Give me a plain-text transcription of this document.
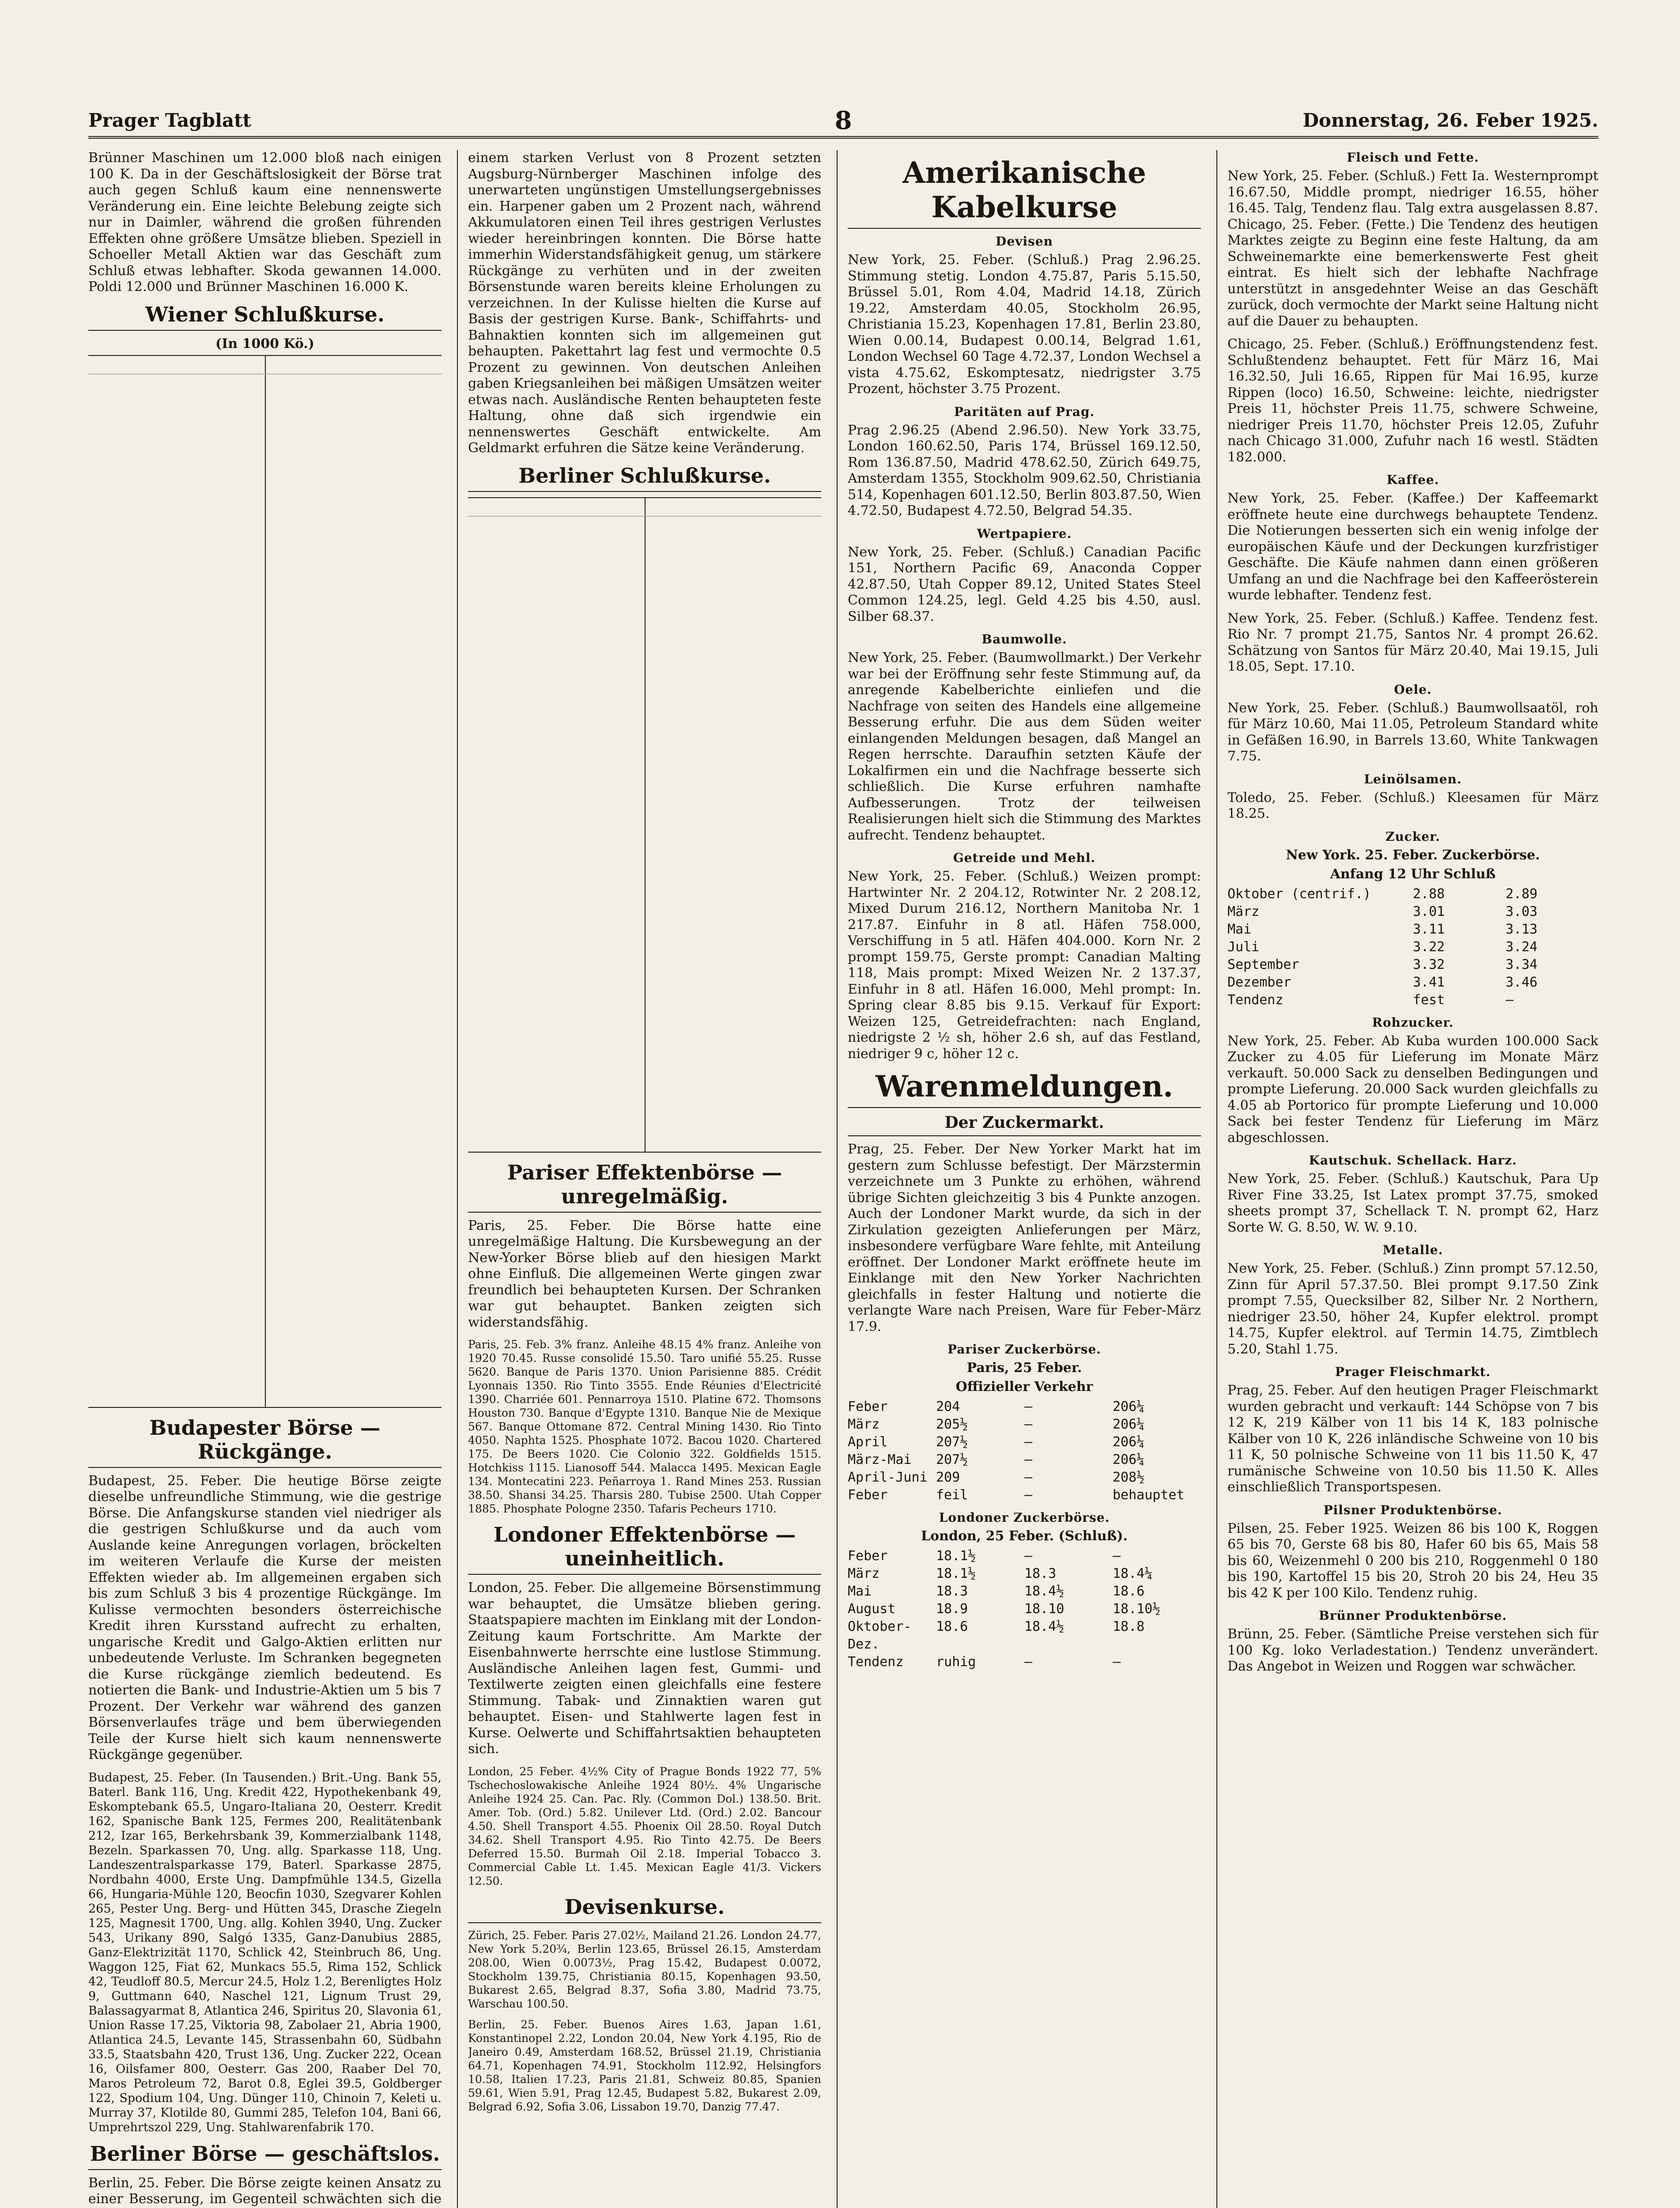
Prager Tagblatt	8	Donnerstag, 26. Feber 1925.

Brünner Maschinen um 12.000 bloß nach einigen 100 K. Da in der Geschäftslosigkeit der Börse trat auch gegen Schluß kaum eine nennenswerte Veränderung ein. Eine leichte Belebung zeigte sich nur in Daimler, während die großen führenden Effekten ohne größere Umsätze blieben. Speziell in Schoeller Metall Aktien war das Geschäft zum Schluß etwas lebhafter. Skoda gewannen 14.000. Poldi 12.000 und Brünner Maschinen 16.000 K.

Wiener Schlußkurse.
(In 1000 Kö.)
Budapester Börse — Rückgänge.

Budapest, 25. Feber. Die heutige Börse zeigte dieselbe unfreundliche Stimmung, wie die gestrige Börse. Die Anfangskurse standen viel niedriger als die gestrigen Schlußkurse und da auch vom Auslande keine Anregungen vorlagen, bröckelten im weiteren Verlaufe die Kurse der meisten Effekten wieder ab. Im allgemeinen ergaben sich bis zum Schluß 3 bis 4 prozentige Rückgänge. Im Kulisse vermochten besonders österreichische Kredit ihren Kursstand aufrecht zu erhalten, ungarische Kredit und Galgo-Aktien erlitten nur unbedeutende Verluste. Im Schranken begegneten die Kurse rückgänge ziemlich bedeutend. Es notierten die Bank- und Industrie-Aktien um 5 bis 7 Prozent. Der Verkehr war während des ganzen Börsenverlaufes träge und bem überwiegenden Teile der Kurse hielt sich kaum nennenswerte Rückgänge gegenüber.

Budapest, 25. Feber. (In Tausenden.) Brit.-Ung. Bank 55, Baterl. Bank 116, Ung. Kredit 422, Hypothekenbank 49, Eskomptebank 65.5, Ungaro-Italiana 20, Oesterr. Kredit 162, Spanische Bank 125, Fermes 200, Realitätenbank 212, Izar 165, Berkehrsbank 39, Kommerzialbank 1148, Bezeln. Sparkassen 70, Ung. allg. Sparkasse 118, Ung. Landeszentralsparkasse 179, Baterl. Sparkasse 2875, Nordbahn 4000, Erste Ung. Dampfmühle 134.5, Gizella 66, Hungaria-Mühle 120, Beocfin 1030, Szegvarer Kohlen 265, Pester Ung. Berg- und Hütten 345, Drasche Ziegeln 125, Magnesit 1700, Ung. allg. Kohlen 3940, Ung. Zucker 543, Urikany 890, Salgó 1335, Ganz-Danubius 2885, Ganz-Elektrizität 1170, Schlick 42, Steinbruch 86, Ung. Waggon 125, Fiat 62, Munkacs 55.5, Rima 152, Schlick 42, Teudloff 80.5, Mercur 24.5, Holz 1.2, Berenligtes Holz 9, Guttmann 640, Naschel 121, Lignum Trust 29, Balassagyarmat 8, Atlantica 246, Spiritus 20, Slavonia 61, Union Rasse 17.25, Viktoria 98, Zabolaer 21, Abria 1900, Atlantica 24.5, Levante 145, Strassenbahn 60, Südbahn 33.5, Staatsbahn 420, Trust 136, Ung. Zucker 222, Ocean 16, Oilsfamer 800, Oesterr. Gas 200, Raaber Del 70, Maros Petroleum 72, Barot 0.8, Eglei 39.5, Goldberger 122, Spodium 104, Ung. Dünger 110, Chinoin 7, Keleti u. Murray 37, Klotilde 80, Gummi 285, Telefon 104, Bani 66, Umprehrtszol 229, Ung. Stahlwarenfabrik 170.

Berliner Börse — geschäftslos.

Berlin, 25. Feber. Die Börse zeigte keinen Ansatz zu einer Besserung, im Gegenteil schwächten sich die

einem starken Verlust von 8 Prozent setzten Augsburg-Nürnberger Maschinen infolge des unerwarteten ungünstigen Umstellungsergebnisses ein. Harpener gaben um 2 Prozent nach, während Akkumulatoren einen Teil ihres gestrigen Verlustes wieder hereinbringen konnten. Die Börse hatte immerhin Widerstandsfähigkeit genug, um stärkere Rückgänge zu verhüten und in der zweiten Börsenstunde waren bereits kleine Erholungen zu verzeichnen. In der Kulisse hielten die Kurse auf Basis der gestrigen Kurse. Bank-, Schiffahrts- und Bahnaktien konnten sich im allgemeinen gut behaupten. Pakettahrt lag fest und vermochte 0.5 Prozent zu gewinnen. Von deutschen Anleihen gaben Kriegsanleihen bei mäßigen Umsätzen weiter etwas nach. Ausländische Renten behaupteten feste Haltung, ohne daß sich irgendwie ein nennenswertes Geschäft entwickelte. Am Geldmarkt erfuhren die Sätze keine Veränderung.

Berliner Schlußkurse.
Pariser Effektenbörse — unregelmäßig.

Paris, 25. Feber. Die Börse hatte eine unregelmäßige Haltung. Die Kursbewegung an der New-Yorker Börse blieb auf den hiesigen Markt ohne Einfluß. Die allgemeinen Werte gingen zwar freundlich bei behaupteten Kursen. Der Schranken war gut behauptet. Banken zeigten sich widerstandsfähig.

Paris, 25. Feb. 3% franz. Anleihe 48.15 4% franz. Anleihe von 1920 70.45. Russe consolidé 15.50. Taro unifié 55.25. Russe 5620. Banque de Paris 1370. Union Parisienne 885. Crédit Lyonnais 1350. Rio Tinto 3555. Ende Réunies d'Electricité 1390. Charriée 601. Pennarroya 1510. Platine 672. Thomsons Houston 730. Banque d'Egypte 1310. Banque Nie de Mexique 567. Banque Ottomane 872. Central Mining 1430. Rio Tinto 4050. Naphta 1525. Phosphate 1072. Bacou 1020. Chartered 175. De Beers 1020. Cie Colonio 322. Goldfields 1515. Hotchkiss 1115. Lianosoff 544. Malacca 1495. Mexican Eagle 134. Montecatini 223. Peñarroya 1. Rand Mines 253. Russian 38.50. Shansi 34.25. Tharsis 280. Tubise 2500. Utah Copper 1885. Phosphate Pologne 2350. Tafaris Pecheurs 1710.

Londoner Effektenbörse — uneinheitlich.

London, 25. Feber. Die allgemeine Börsenstimmung war behauptet, die Umsätze blieben gering. Staatspapiere machten im Einklang mit der London-Zeitung kaum Fortschritte. Am Markte der Eisenbahnwerte herrschte eine lustlose Stimmung. Ausländische Anleihen lagen fest, Gummi- und Textilwerte zeigten einen gleichfalls eine festere Stimmung. Tabak- und Zinnaktien waren gut behauptet. Eisen- und Stahlwerte lagen fest in Kurse. Oelwerte und Schiffahrtsaktien behaupteten sich.

London, 25 Feber. 4½% City of Prague Bonds 1922 77, 5% Tschechoslowakische Anleihe 1924 80½. 4% Ungarische Anleihe 1924 25. Can. Pac. Rly. (Common Dol.) 138.50. Brit. Amer. Tob. (Ord.) 5.82. Unilever Ltd. (Ord.) 2.02. Bancour 4.50. Shell Transport 4.55. Phoenix Oil 28.50. Royal Dutch 34.62. Shell Transport 4.95. Rio Tinto 42.75. De Beers Deferred 15.50. Burmah Oil 2.18. Imperial Tobacco 3. Commercial Cable Lt. 1.45. Mexican Eagle 41/3. Vickers 12.50.

Devisenkurse.

Zürich, 25. Feber. Paris 27.02½, Mailand 21.26. London 24.77, New York 5.20¾, Berlin 123.65, Brüssel 26.15, Amsterdam 208.00, Wien 0.0073½, Prag 15.42, Budapest 0.0072, Stockholm 139.75, Christiania 80.15, Kopenhagen 93.50, Bukarest 2.65, Belgrad 8.37, Sofia 3.80, Madrid 73.75, Warschau 100.50.

Berlin, 25. Feber. Buenos Aires 1.63, Japan 1.61, Konstantinopel 2.22, London 20.04, New York 4.195, Rio de Janeiro 0.49, Amsterdam 168.52, Brüssel 21.19, Christiania 64.71, Kopenhagen 74.91, Stockholm 112.92, Helsingfors 10.58, Italien 17.23, Paris 21.81, Schweiz 80.85, Spanien 59.61, Wien 5.91, Prag 12.45, Budapest 5.82, Bukarest 2.09, Belgrad 6.92, Sofia 3.06, Lissabon 19.70, Danzig 77.47.

Amerikanische Kabelkurse
Devisen

New York, 25. Feber. (Schluß.) Prag 2.96.25. Stimmung stetig. London 4.75.87, Paris 5.15.50, Brüssel 5.01, Rom 4.04, Madrid 14.18, Zürich 19.22, Amsterdam 40.05, Stockholm 26.95, Christiania 15.23, Kopenhagen 17.81, Berlin 23.80, Wien 0.00.14, Budapest 0.00.14, Belgrad 1.61, London Wechsel 60 Tage 4.72.37, London Wechsel a vista 4.75.62, Eskomptesatz, niedrigster 3.75 Prozent, höchster 3.75 Prozent.

Paritäten auf Prag.

Prag 2.96.25 (Abend 2.96.50). New York 33.75, London 160.62.50, Paris 174, Brüssel 169.12.50, Rom 136.87.50, Madrid 478.62.50, Zürich 649.75, Amsterdam 1355, Stockholm 909.62.50, Christiania 514, Kopenhagen 601.12.50, Berlin 803.87.50, Wien 4.72.50, Budapest 4.72.50, Belgrad 54.35.

Wertpapiere.

New York, 25. Feber. (Schluß.) Canadian Pacific 151, Northern Pacific 69, Anaconda Copper 42.87.50, Utah Copper 89.12, United States Steel Common 124.25, legl. Geld 4.25 bis 4.50, ausl. Silber 68.37.

Baumwolle.

New York, 25. Feber. (Baumwollmarkt.) Der Verkehr war bei der Eröffnung sehr feste Stimmung auf, da anregende Kabelberichte einliefen und die Nachfrage von seiten des Handels eine allgemeine Besserung erfuhr. Die aus dem Süden weiter einlangenden Meldungen besagen, daß Mangel an Regen herrschte. Daraufhin setzten Käufe der Lokalfirmen ein und die Nachfrage besserte sich schließlich. Die Kurse erfuhren namhafte Aufbesserungen. Trotz der teilweisen Realisierungen hielt sich die Stimmung des Marktes aufrecht. Tendenz behauptet.

Getreide und Mehl.

New York, 25. Feber. (Schluß.) Weizen prompt: Hartwinter Nr. 2 204.12, Rotwinter Nr. 2 208.12, Mixed Durum 216.12, Northern Manitoba Nr. 1 217.87. Einfuhr in 8 atl. Häfen 758.000, Verschiffung in 5 atl. Häfen 404.000. Korn Nr. 2 prompt 159.75, Gerste prompt: Canadian Malting 118, Mais prompt: Mixed Weizen Nr. 2 137.37, Einfuhr in 8 atl. Häfen 16.000, Mehl prompt: In. Spring clear 8.85 bis 9.15. Verkauf für Export: Weizen 125, Getreidefrachten: nach England, niedrigste 2 ½ sh, höher 2.6 sh, auf das Festland, niedriger 9 c, höher 12 c.

Warenmeldungen.
Der Zuckermarkt.

Prag, 25. Feber. Der New Yorker Markt hat im gestern zum Schlusse befestigt. Der Märzstermin verzeichnete um 3 Punkte zu erhöhen, während übrige Sichten gleichzeitig 3 bis 4 Punkte anzogen. Auch der Londoner Markt wurde, da sich in der Zirkulation gezeigten Anlieferungen per März, insbesondere verfügbare Ware fehlte, mit Anteilung eröffnet. Der Londoner Markt eröffnete heute im Einklange mit den New Yorker Nachrichten gleichfalls in fester Haltung und notierte die verlangte Ware nach Preisen, Ware für Feber-März 17.9.

Pariser Zuckerbörse.
Paris, 25 Feber.
Offizieller Verkehr
Feber	204	—	206¼
März	205½	—	206¼
April	207½	—	206¼
März-Mai	207½	—	206¼
April-Juni 209	—	208½
Feber	feil	—	behauptet
Londoner Zuckerbörse.
London, 25 Feber. (Schluß).
Feber	18.1½	—	—
März	18.1½	18.3	18.4¼
Mai	18.3	18.4½	18.6
August	18.9	18.10	18.10½
Oktober-Dez.
18.6	18.4½	18.8
Tendenz	ruhig	—	—
Fleisch und Fette.

New York, 25. Feber. (Schluß.) Fett Ia. Westernprompt 16.67.50, Middle prompt, niedriger 16.55, höher 16.45. Talg, Tendenz flau. Talg extra ausgelassen 8.87. Chicago, 25. Feber. (Fette.) Die Tendenz des heutigen Marktes zeigte zu Beginn eine feste Haltung, da am Schweinemarkte eine bemerkenswerte Fest gheit eintrat. Es hielt sich der lebhafte Nachfrage unterstützt in ansgedehnter Weise an das Geschäft zurück, doch vermochte der Markt seine Haltung nicht auf die Dauer zu behaupten.

Chicago, 25. Feber. (Schluß.) Eröffnungstendenz fest. Schlußtendenz behauptet. Fett für März 16, Mai 16.32.50, Juli 16.65, Rippen für Mai 16.95, kurze Rippen (loco) 16.50, Schweine: leichte, niedrigster Preis 11, höchster Preis 11.75, schwere Schweine, niedriger Preis 11.70, höchster Preis 12.05, Zufuhr nach Chicago 31.000, Zufuhr nach 16 westl. Städten 182.000.

Kaffee.

New York, 25. Feber. (Kaffee.) Der Kaffeemarkt eröffnete heute eine durchwegs behauptete Tendenz. Die Notierungen besserten sich ein wenig infolge der europäischen Käufe und der Deckungen kurzfristiger Geschäfte. Die Käufe nahmen dann einen größeren Umfang an und die Nachfrage bei den Kaffeerösterein wurde lebhafter. Tendenz fest.

New York, 25. Feber. (Schluß.) Kaffee. Tendenz fest. Rio Nr. 7 prompt 21.75, Santos Nr. 4 prompt 26.62. Schätzung von Santos für März 20.40, Mai 19.15, Juli 18.05, Sept. 17.10.

Oele.

New York, 25. Feber. (Schluß.) Baumwollsaatöl, roh für März 10.60, Mai 11.05, Petroleum Standard white in Gefäßen 16.90, in Barrels 13.60, White Tankwagen 7.75.

Leinölsamen.

Toledo, 25. Feber. (Schluß.) Kleesamen für März 18.25.

Zucker.
New York. 25. Feber. Zuckerbörse.
Anfang 12 Uhr Schluß
Oktober (centrif.)	2.88	2.89
März	3.01	3.03
Mai	3.11	3.13
Juli	3.22	3.24
September	3.32	3.34
Dezember	3.41	3.46
Tendenz	fest	—
Rohzucker.

New York, 25. Feber. Ab Kuba wurden 100.000 Sack Zucker zu 4.05 für Lieferung im Monate März verkauft. 50.000 Sack zu denselben Bedingungen und prompte Lieferung. 20.000 Sack wurden gleichfalls zu 4.05 ab Portorico für prompte Lieferung und 10.000 Sack bei fester Tendenz für Lieferung im März abgeschlossen.

Kautschuk. Schellack. Harz.

New York, 25. Feber. (Schluß.) Kautschuk, Para Up River Fine 33.25, Ist Latex prompt 37.75, smoked sheets prompt 37, Schellack T. N. prompt 62, Harz Sorte W. G. 8.50, W. W. 9.10.

Metalle.

New York, 25. Feber. (Schluß.) Zinn prompt 57.12.50, Zinn für April 57.37.50. Blei prompt 9.17.50 Zink prompt 7.55, Quecksilber 82, Silber Nr. 2 Northern, niedriger 23.50, höher 24, Kupfer elektrol. prompt 14.75, Kupfer elektrol. auf Termin 14.75, Zimtblech 5.20, Stahl 1.75.

Prager Fleischmarkt.

Prag, 25. Feber. Auf den heutigen Prager Fleischmarkt wurden gebracht und verkauft: 144 Schöpse von 7 bis 12 K, 219 Kälber von 11 bis 14 K, 183 polnische Kälber von 10 K, 226 inländische Schweine von 10 bis 11 K, 50 polnische Schweine von 11 bis 11.50 K, 47 rumänische Schweine von 10.50 bis 11.50 K. Alles einschließlich Transportspesen.

Pilsner Produktenbörse.

Pilsen, 25. Feber 1925. Weizen 86 bis 100 K, Roggen 65 bis 70, Gerste 68 bis 80, Hafer 60 bis 65, Mais 58 bis 60, Weizenmehl 0 200 bis 210, Roggenmehl 0 180 bis 190, Kartoffel 15 bis 20, Stroh 20 bis 24, Heu 35 bis 42 K per 100 Kilo. Tendenz ruhig.

Brünner Produktenbörse.

Brünn, 25. Feber. (Sämtliche Preise verstehen sich für 100 Kg. loko Verladestation.) Tendenz unverändert. Das Angebot in Weizen und Roggen war schwächer.
